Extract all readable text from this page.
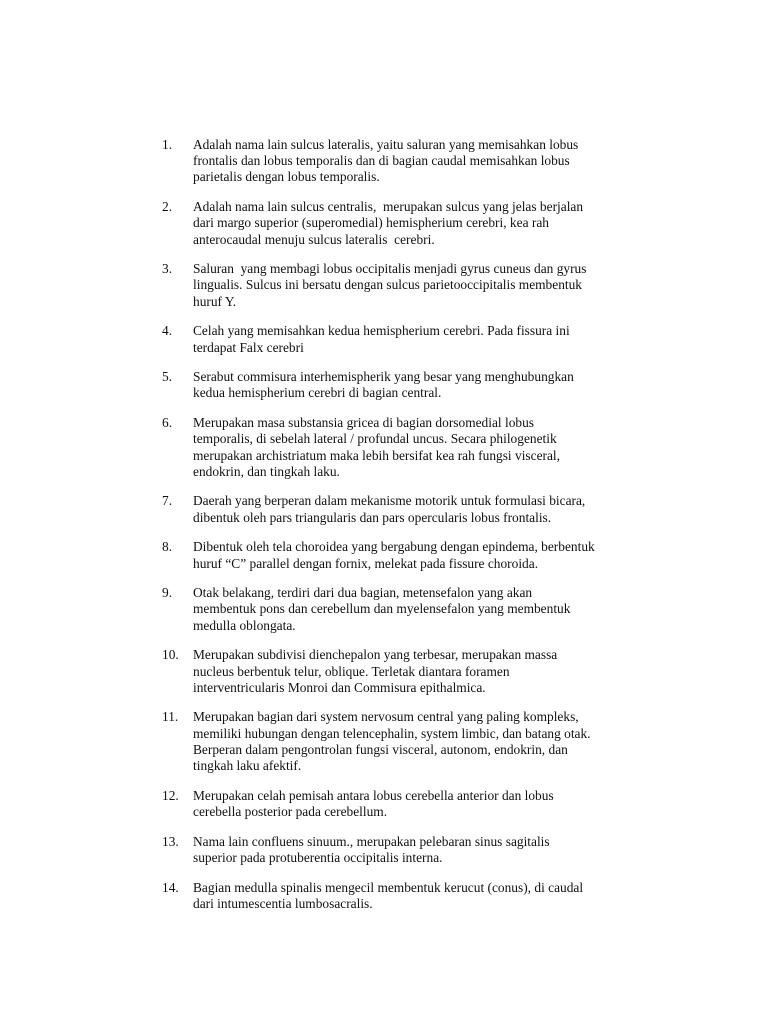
1.	Adalah nama lain sulcus lateralis, yaitu saluran yang memisahkan lobus
frontalis dan lobus temporalis dan di bagian caudal memisahkan lobus
parietalis dengan lobus temporalis.
2.	Adalah nama lain sulcus centralis,  merupakan sulcus yang jelas berjalan
dari margo superior (superomedial) hemispherium cerebri, kea rah
anterocaudal menuju sulcus lateralis  cerebri.
3.	Saluran  yang membagi lobus occipitalis menjadi gyrus cuneus dan gyrus
lingualis. Sulcus ini bersatu dengan sulcus parietooccipitalis membentuk
huruf Y.
4.	Celah yang memisahkan kedua hemispherium cerebri. Pada fissura ini
terdapat Falx cerebri
5.	Serabut commisura interhemispherik yang besar yang menghubungkan
kedua hemispherium cerebri di bagian central.
6.	Merupakan masa substansia gricea di bagian dorsomedial lobus
temporalis, di sebelah lateral / profundal uncus. Secara philogenetik
merupakan archistriatum maka lebih bersifat kea rah fungsi visceral,
endokrin, dan tingkah laku.
7.	Daerah yang berperan dalam mekanisme motorik untuk formulasi bicara,
dibentuk oleh pars triangularis dan pars opercularis lobus frontalis.
8.	Dibentuk oleh tela choroidea yang bergabung dengan epindema, berbentuk
huruf “C” parallel dengan fornix, melekat pada fissure choroida.
9.	Otak belakang, terdiri dari dua bagian, metensefalon yang akan
membentuk pons dan cerebellum dan myelensefalon yang membentuk
medulla oblongata.
10.	Merupakan subdivisi dienchepalon yang terbesar, merupakan massa
nucleus berbentuk telur, oblique. Terletak diantara foramen
interventricularis Monroi dan Commisura epithalmica.
11.	Merupakan bagian dari system nervosum central yang paling kompleks,
memiliki hubungan dengan telencephalin, system limbic, dan batang otak.
Berperan dalam pengontrolan fungsi visceral, autonom, endokrin, dan
tingkah laku afektif.
12.	Merupakan celah pemisah antara lobus cerebella anterior dan lobus
cerebella posterior pada cerebellum.
13.	Nama lain confluens sinuum., merupakan pelebaran sinus sagitalis
superior pada protuberentia occipitalis interna.
14.	Bagian medulla spinalis mengecil membentuk kerucut (conus), di caudal
dari intumescentia lumbosacralis.
